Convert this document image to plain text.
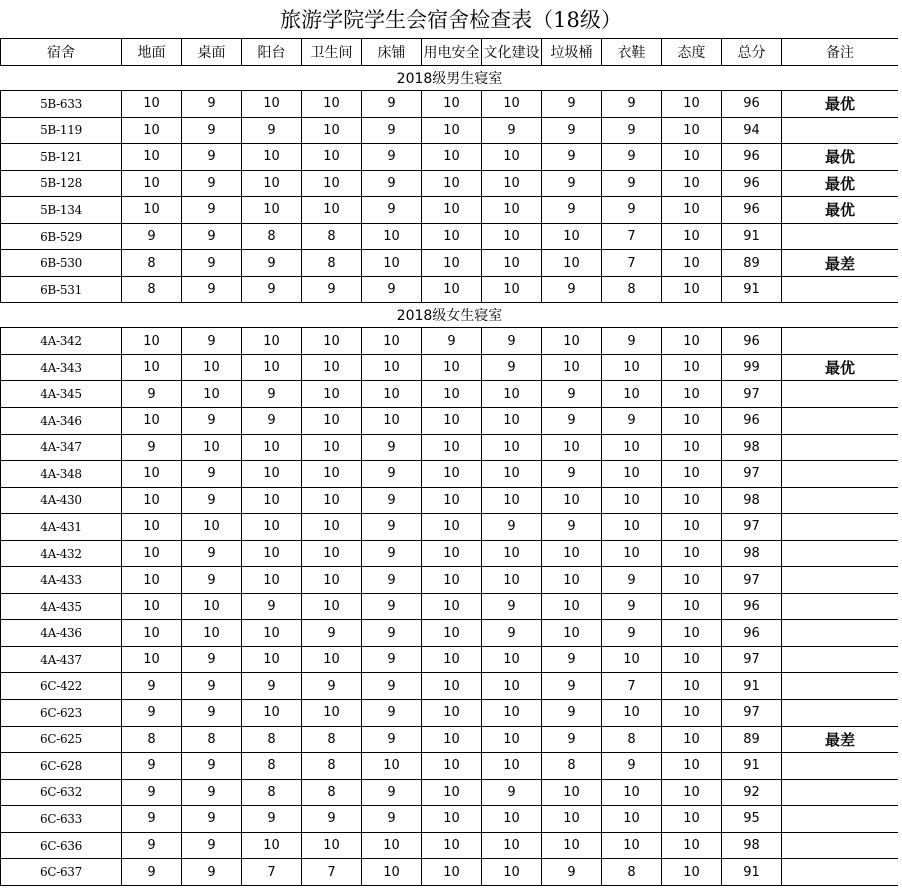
旅游学院学生会宿舍检查表（18级）
宿舍	地面	桌面	阳台	卫生间	床铺	用电安全	文化建设	垃圾桶	衣鞋	态度	总分	备注
2018级男生寝室												
5B-633	10	9	10	10	9	10	10	9	9	10	96	最优
5B-119	10	9	9	10	9	10	9	9	9	10	94	
5B-121	10	9	10	10	9	10	10	9	9	10	96	最优
5B-128	10	9	10	10	9	10	10	9	9	10	96	最优
5B-134	10	9	10	10	9	10	10	9	9	10	96	最优
6B-529	9	9	8	8	10	10	10	10	7	10	91	
6B-530	8	9	9	8	10	10	10	10	7	10	89	最差
6B-531	8	9	9	9	9	10	10	9	8	10	91	
2018级女生寝室												
4A-342	10	9	10	10	10	9	9	10	9	10	96	
4A-343	10	10	10	10	10	10	9	10	10	10	99	最优
4A-345	9	10	9	10	10	10	10	9	10	10	97	
4A-346	10	9	9	10	10	10	10	9	9	10	96	
4A-347	9	10	10	10	9	10	10	10	10	10	98	
4A-348	10	9	10	10	9	10	10	9	10	10	97	
4A-430	10	9	10	10	9	10	10	10	10	10	98	
4A-431	10	10	10	10	9	10	9	9	10	10	97	
4A-432	10	9	10	10	9	10	10	10	10	10	98	
4A-433	10	9	10	10	9	10	10	10	9	10	97	
4A-435	10	10	9	10	9	10	9	10	9	10	96	
4A-436	10	10	10	9	9	10	9	10	9	10	96	
4A-437	10	9	10	10	9	10	10	9	10	10	97	
6C-422	9	9	9	9	9	10	10	9	7	10	91	
6C-623	9	9	10	10	9	10	10	9	10	10	97	
6C-625	8	8	8	8	9	10	10	9	8	10	89	最差
6C-628	9	9	8	8	10	10	10	8	9	10	91	
6C-632	9	9	8	8	9	10	9	10	10	10	92	
6C-633	9	9	9	9	9	10	10	10	10	10	95	
6C-636	9	9	10	10	10	10	10	10	10	10	98	
6C-637	9	9	7	7	10	10	10	9	8	10	91	
